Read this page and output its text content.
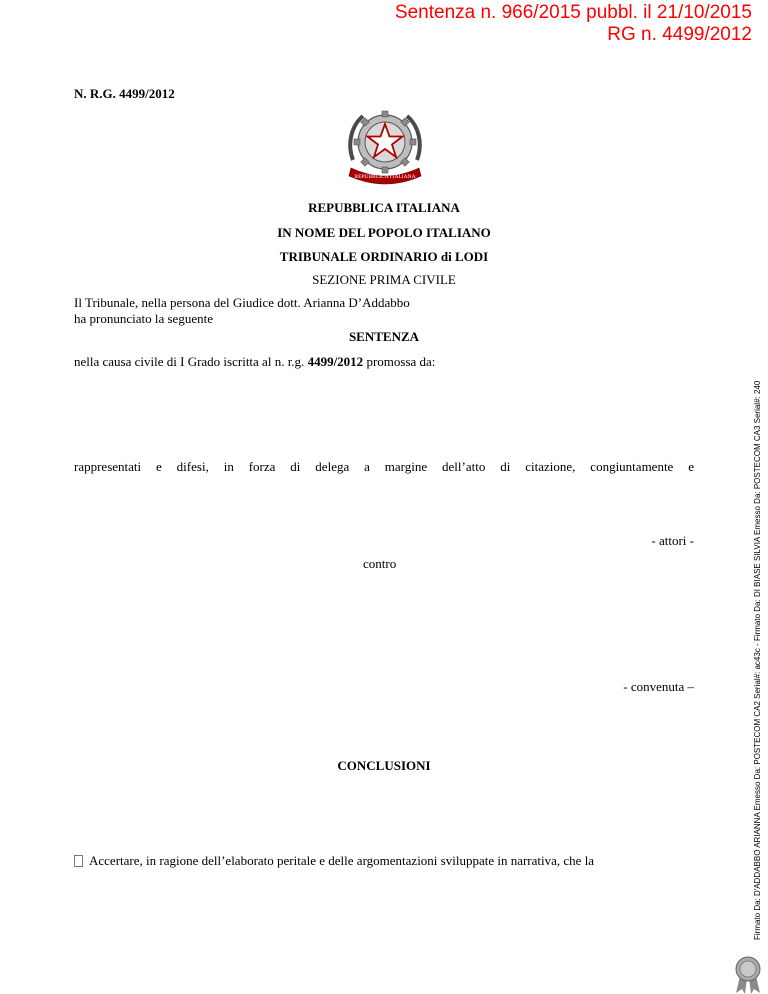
Sentenza n. 966/2015 pubbl. il 21/10/2015
RG n. 4499/2012
N. R.G. 4499/2012
REPUBBLICA ITALIANA
REPUBBLICA ITALIANA
IN NOME DEL POPOLO ITALIANO
TRIBUNALE ORDINARIO di LODI
SEZIONE PRIMA CIVILE
Il Tribunale, nella persona del Giudice dott. Arianna D’Addabbo
ha pronunciato la seguente
SENTENZA
nella causa civile di I Grado iscritta al n. r.g. 4499/2012 promossa da:
rappresentati e difesi, in forza di delega a margine dell’atto di citazione, congiuntamente e
- attori -
contro
- convenuta –
CONCLUSIONI
Accertare, in ragione dell’elaborato peritale e delle argomentazioni sviluppate in narrativa, che la	Firmato Da: D'ADDABBO ARIANNA Emesso Da: POSTECOM CA2 Serial#: ac43c - Firmato Da: DI BIASE SILVIA Emesso Da: POSTECOM CA3 Serial#: 240
